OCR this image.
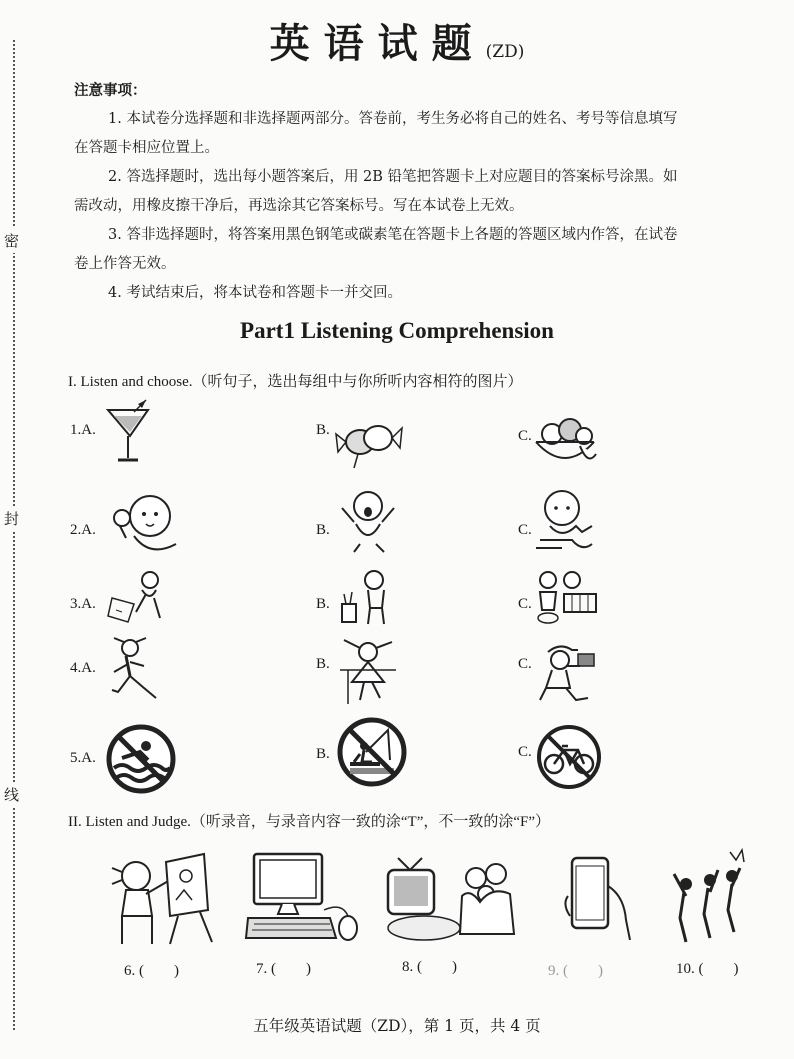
密
封
线
英语试题(ZD)
注意事项：
1. 本试卷分选择题和非选择题两部分。答卷前，考生务必将自己的姓名、考号等信息填写
在答题卡相应位置上。
2. 答选择题时，选出每小题答案后，用 2B 铅笔把答题卡上对应题目的答案标号涂黑。如
需改动，用橡皮擦干净后，再选涂其它答案标号。写在本试卷上无效。
3. 答非选择题时，将答案用黑色钢笔或碳素笔在答题卡上各题的答题区域内作答，在试卷
卷上作答无效。
4. 考试结束后，将本试卷和答题卡一并交回。
Part1 Listening Comprehension
I. Listen and choose.（听句子，选出每组中与你所听内容相符的图片）
1.A.	B.	C.
2.A.	B.	C.
3.A.	B.	C.
4.A.	B.	C.
5.A.	B.	C.
II. Listen and Judge.（听录音，与录音内容一致的涂“T”，不一致的涂“F”）
6. (        )	7. (        )	8. (        )	9. (        )	10. (        )
五年级英语试题（ZD），第 1 页，共 4 页
